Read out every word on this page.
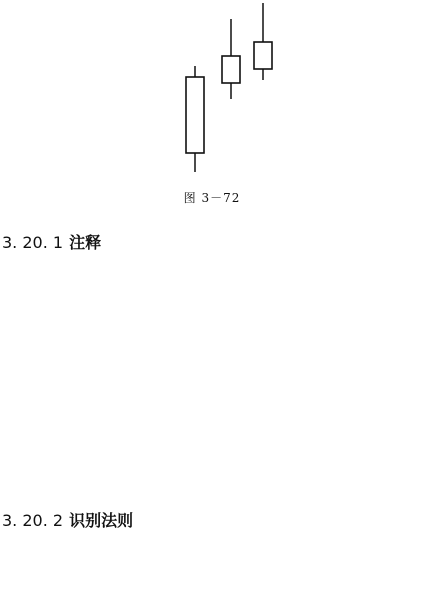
图 3－72
3. 20. 1 注释
3. 20. 2 识别法则
